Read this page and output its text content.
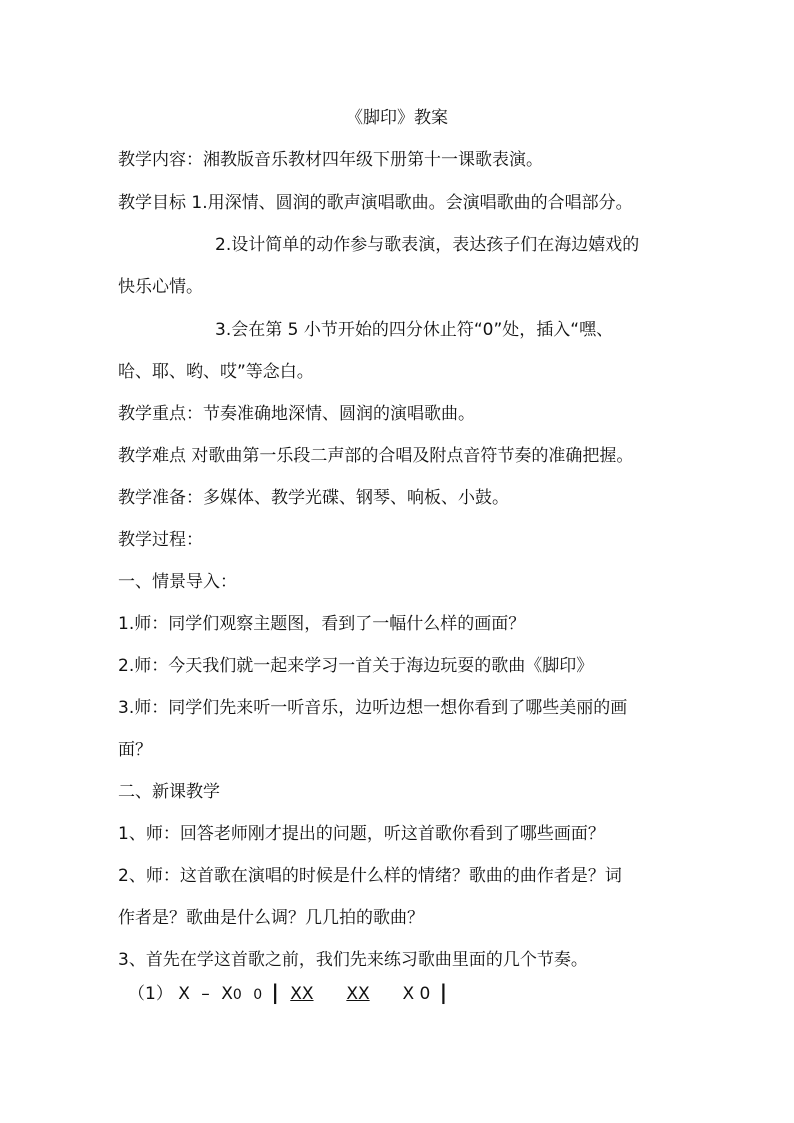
《脚印》教案
教学内容：湘教版音乐教材四年级下册第十一课歌表演。
教学目标 1.用深情、圆润的歌声演唱歌曲。会演唱歌曲的合唱部分。
2.设计简单的动作参与歌表演，表达孩子们在海边嬉戏的
快乐心情。
3.会在第 5 小节开始的四分休止符“0”处，插入“嘿、
哈、耶、哟、哎”等念白。
教学重点：节奏准确地深情、圆润的演唱歌曲。
教学难点 对歌曲第一乐段二声部的合唱及附点音符节奏的准确把握。
教学准备：多媒体、教学光碟、钢琴、响板、小鼓。
教学过程：
一、情景导入：
1.师：同学们观察主题图，看到了一幅什么样的画面？
2.师：今天我们就一起来学习一首关于海边玩耍的歌曲《脚印》
3.师：同学们先来听一听音乐，边听边想一想你看到了哪些美丽的画
面？
二、新课教学
1、师：回答老师刚才提出的问题，听这首歌你看到了哪些画面？
2、师：这首歌在演唱的时候是什么样的情绪？歌曲的曲作者是？词
作者是？歌曲是什么调？几几拍的歌曲？
3、首先在学这首歌之前，我们先来练习歌曲里面的几个节奏。
（1） X – X0 0 | XX XX X 0 |
